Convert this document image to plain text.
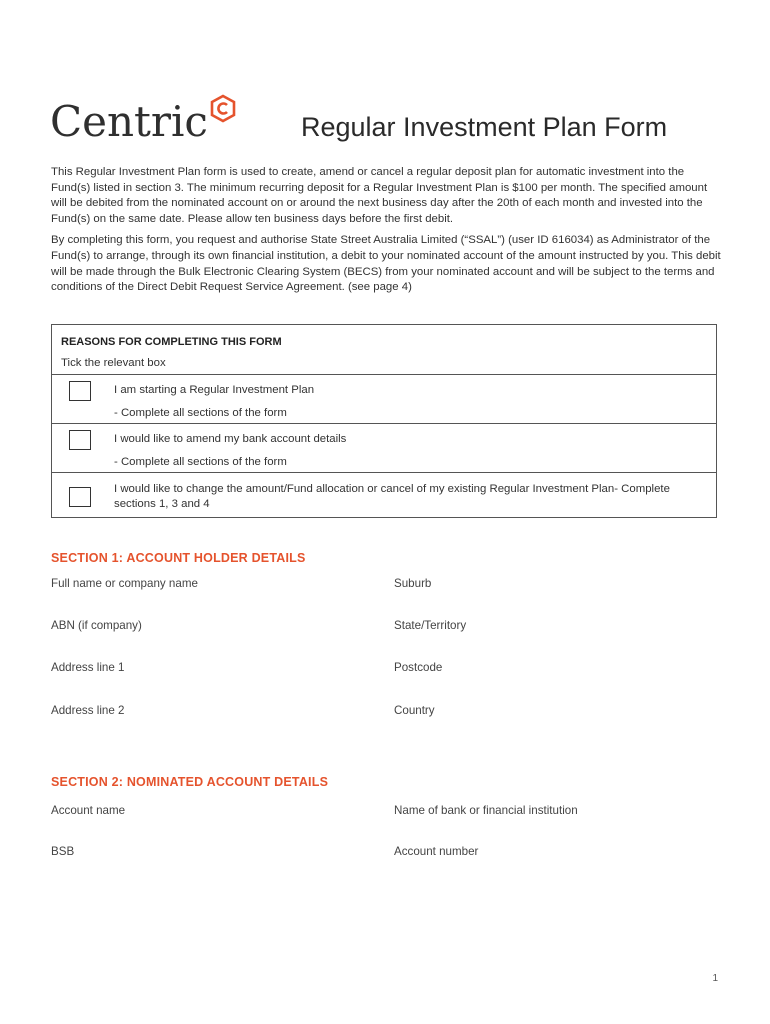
Centric	Regular Investment Plan Form

This Regular Investment Plan form is used to create, amend or cancel a regular deposit plan for automatic investment into the Fund(s) listed in section 3. The minimum recurring deposit for a Regular Investment Plan is $100 per month. The specified amount will be debited from the nominated account on or around the next business day after the 20th of each month and invested into the Fund(s) on the same date. Please allow ten business days before the first debit.

By completing this form, you request and authorise State Street Australia Limited (“SSAL”) (user ID 616034) as Administrator of the Fund(s) to arrange, through its own financial institution, a debit to your nominated account of the amount instructed by you. This debit will be made through the Bulk Electronic Clearing System (BECS) from your nominated account and will be subject to the terms and conditions of the Direct Debit Request Service Agreement. (see page 4)

REASONS FOR COMPLETING THIS FORM
Tick the relevant box
I am starting a Regular Investment Plan
- Complete all sections of the form
I would like to amend my bank account details
- Complete all sections of the form
I would like to change the amount/Fund allocation or cancel of my existing Regular Investment Plan- Complete sections 1, 3 and 4
SECTION 1: ACCOUNT HOLDER DETAILS
Full name or company name	Suburb
ABN (if company)	State/Territory
Address line 1	Postcode
Address line 2	Country
SECTION 2: NOMINATED ACCOUNT DETAILS
Account name	Name of bank or financial institution
BSB	Account number
1
